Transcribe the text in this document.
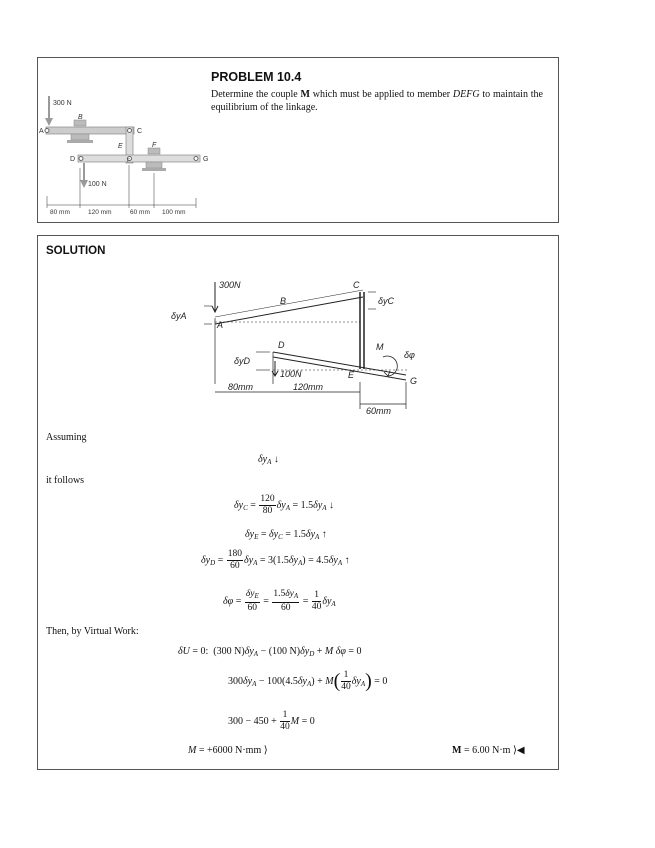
300 N
A
B
C
E
D	G
F
F
100 N
80 mm	120 mm	60 mm 100 mm
PROBLEM 10.4
Determine the couple M which must be applied to member DEFG to maintain the equilibrium of the linkage.
SOLUTION
300N
B
C
A
D
100N	E
G
M
δyA
δyC
δyD
δφ
80mm	120mm
60mm
Assuming
$\delta y_A$ ↓
it follows
$\delta y_C = \frac{120}{80} \delta y_A = 1.5\delta y_A$ ↓
$\delta y_E = \delta y_C = 1.5\delta y_A$ ↑
$\delta y_D = \frac{180}{60} \delta y_A = 3(1.5\delta y_A) = 4.5\delta y_A$ ↑
$\delta\varphi = \frac{\delta y_E}{60} = \frac{1.5\delta y_A}{60} = \frac{1}{40} \delta y_A$
Then, by Virtual Work:
δU = 0:  (300 $N)\delta y_A - (100$ $N)\delta y_D + M$ δφ = 0
$300\delta y_A - 100(4.5\delta y_A) + M( \frac{1}{40} \delta y_A) = 0$
$300 - 450 + \frac{1}{40}$ M = 0
M = +6000 N·mm ⟩	M = 6.00 N·m ⟩◀
